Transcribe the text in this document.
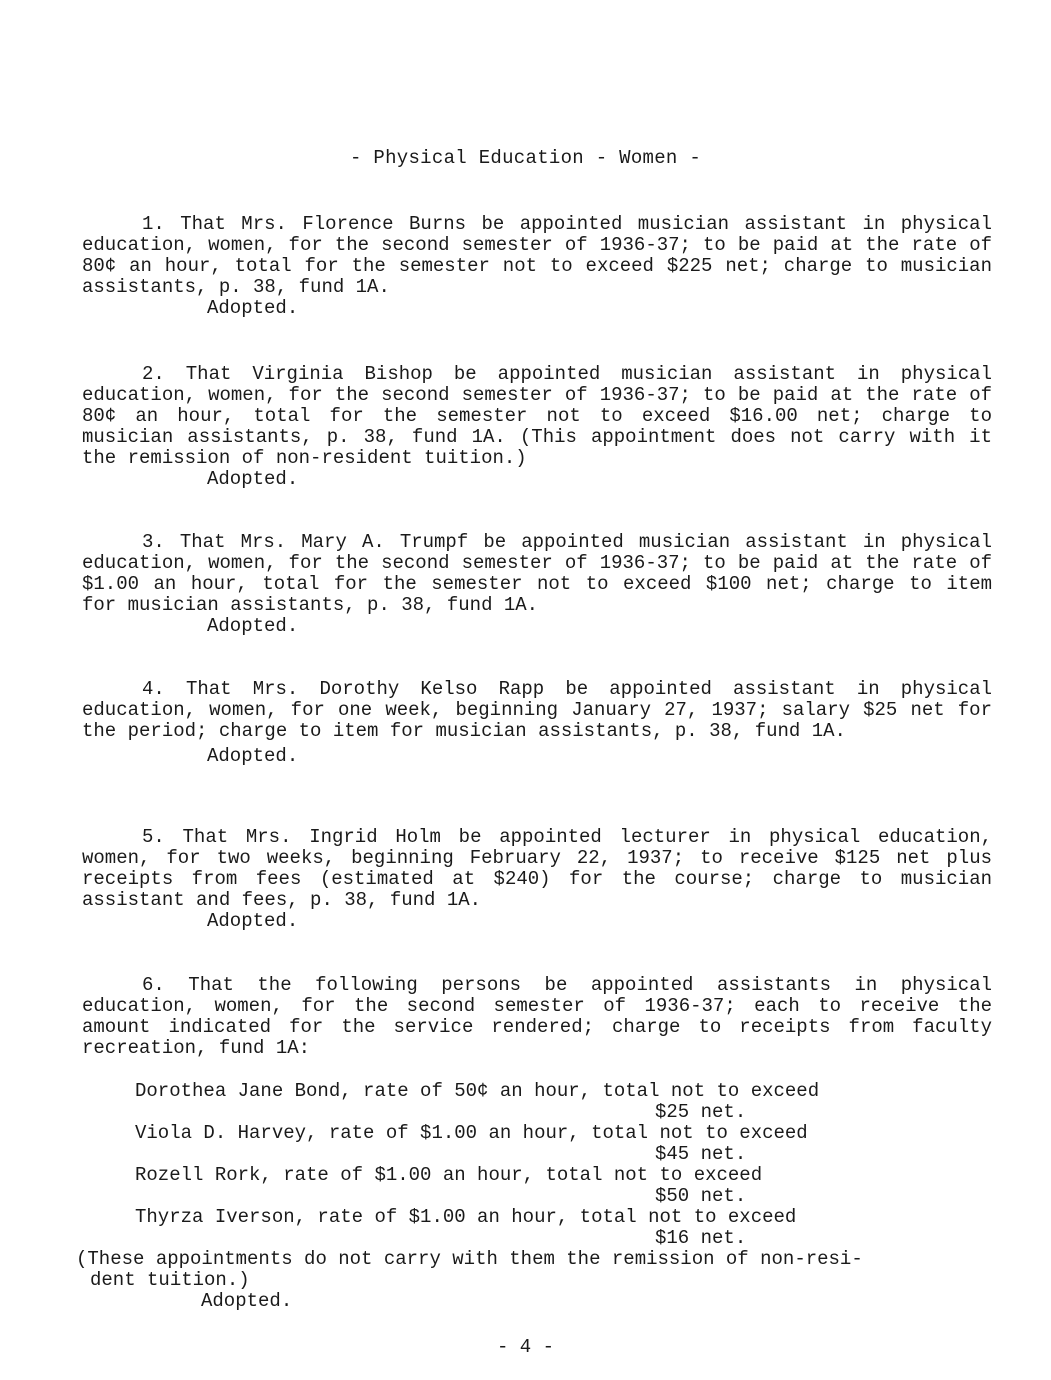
- Physical Education - Women -

1. That Mrs. Florence Burns be appointed musician assistant in physical education, women, for the second semester of 1936-37; to be paid at the rate of 80¢ an hour, total for the semester not to exceed $225 net; charge to musician assistants, p. 38, fund 1A.

Adopted.

2. That Virginia Bishop be appointed musician assistant in physical education, women, for the second semester of 1936-37; to be paid at the rate of 80¢ an hour, total for the semester not to exceed $16.00 net; charge to musician assistants, p. 38, fund 1A. (This appointment does not carry with it the remission of non-resident tuition.)

Adopted.

3. That Mrs. Mary A. Trumpf be appointed musician assistant in physical education, women, for the second semester of 1936-37; to be paid at the rate of $1.00 an hour, total for the semester not to exceed $100 net; charge to item for musician assistants, p. 38, fund 1A.

Adopted.

4. That Mrs. Dorothy Kelso Rapp be appointed assistant in physical education, women, for one week, beginning January 27, 1937; salary $25 net for the period; charge to item for musician assistants, p. 38, fund 1A.

Adopted.

5. That Mrs. Ingrid Holm be appointed lecturer in physical education, women, for two weeks, beginning February 22, 1937; to receive $125 net plus receipts from fees (estimated at $240) for the course; charge to musician assistant and fees, p. 38, fund 1A.

Adopted.

6. That the following persons be appointed assistants in physical education, women, for the second semester of 1936-37; each to receive the amount indicated for the service rendered; charge to receipts from faculty recreation, fund 1A:

Dorothea Jane Bond, rate of 50¢ an hour, total not to exceed
$25 net.
Viola D. Harvey, rate of $1.00 an hour, total not to exceed
$45 net.
Rozell Rork, rate of $1.00 an hour, total not to exceed
$50 net.
Thyrza Iverson, rate of $1.00 an hour, total not to exceed
$16 net.

(These appointments do not carry with them the remission of non-resi-

dent tuition.)

Adopted.
- 4 -
